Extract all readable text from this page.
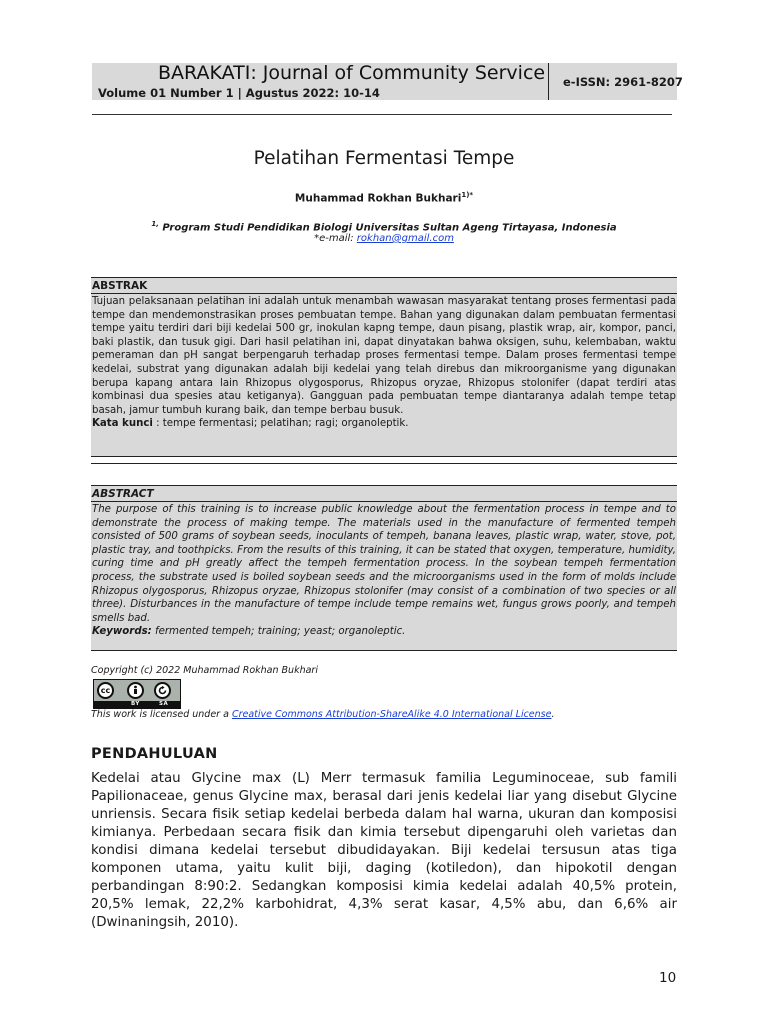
BARAKATI: Journal of Community Service
Volume 01 Number 1 | Agustus 2022: 10-14
e-ISSN: 2961-8207
Pelatihan Fermentasi Tempe
Muhammad Rokhan Bukhari$^{1)*}$
$^{1,}$ Program Studi Pendidikan Biologi Universitas Sultan Ageng Tirtayasa, Indonesia
*e-mail: rokhan@gmail.com
ABSTRAK
Tujuan pelaksanaan pelatihan ini adalah untuk menambah wawasan masyarakat tentang proses fermentasi pada tempe dan mendemonstrasikan proses pembuatan tempe. Bahan yang digunakan dalam pembuatan fermentasi tempe yaitu terdiri dari biji kedelai 500 gr, inokulan kapng tempe, daun pisang, plastik wrap, air, kompor, panci, baki plastik, dan tusuk gigi. Dari hasil pelatihan ini, dapat dinyatakan bahwa oksigen, suhu, kelembaban, waktu pemeraman dan pH sangat berpengaruh terhadap proses fermentasi tempe. Dalam proses fermentasi tempe kedelai, substrat yang digunakan adalah biji kedelai yang telah direbus dan mikroorganisme yang digunakan berupa kapang antara lain Rhizopus olygosporus, Rhizopus oryzae, Rhizopus stolonifer (dapat terdiri atas kombinasi dua spesies atau ketiganya). Gangguan pada pembuatan tempe diantaranya adalah tempe tetap basah, jamur tumbuh kurang baik, dan tempe berbau busuk.
Kata kunci : tempe fermentasi; pelatihan; ragi; organoleptik.
ABSTRACT
The purpose of this training is to increase public knowledge about the fermentation process in tempe and to demonstrate the process of making tempe. The materials used in the manufacture of fermented tempeh consisted of 500 grams of soybean seeds, inoculants of tempeh, banana leaves, plastic wrap, water, stove, pot, plastic tray, and toothpicks. From the results of this training, it can be stated that oxygen, temperature, humidity, curing time and pH greatly affect the tempeh fermentation process. In the soybean tempeh fermentation process, the substrate used is boiled soybean seeds and the microorganisms used in the form of molds include Rhizopus olygosporus, Rhizopus oryzae, Rhizopus stolonifer (may consist of a combination of two species or all three). Disturbances in the manufacture of tempe include tempe remains wet, fungus grows poorly, and tempeh smells bad.
Keywords: fermented tempeh; training; yeast; organoleptic.
Copyright (c) 2022 Muhammad Rokhan Bukhari
cc
BY	SA
This work is licensed under a Creative Commons Attribution-ShareAlike 4.0 International License.
PENDAHULUAN
Kedelai atau Glycine max (L) Merr termasuk familia Leguminoceae, sub famili Papilionaceae, genus Glycine max, berasal dari jenis kedelai liar yang disebut Glycine unriensis. Secara fisik setiap kedelai berbeda dalam hal warna, ukuran dan komposisi kimianya. Perbedaan secara fisik dan kimia tersebut dipengaruhi oleh varietas dan kondisi dimana kedelai tersebut dibudidayakan. Biji kedelai tersusun atas tiga komponen utama, yaitu kulit biji, daging (kotiledon), dan hipokotil dengan perbandingan 8:90:2. Sedangkan komposisi kimia kedelai adalah 40,5% protein, 20,5% lemak, 22,2% karbohidrat, 4,3% serat kasar, 4,5% abu, dan 6,6% air (Dwinaningsih, 2010).
10
